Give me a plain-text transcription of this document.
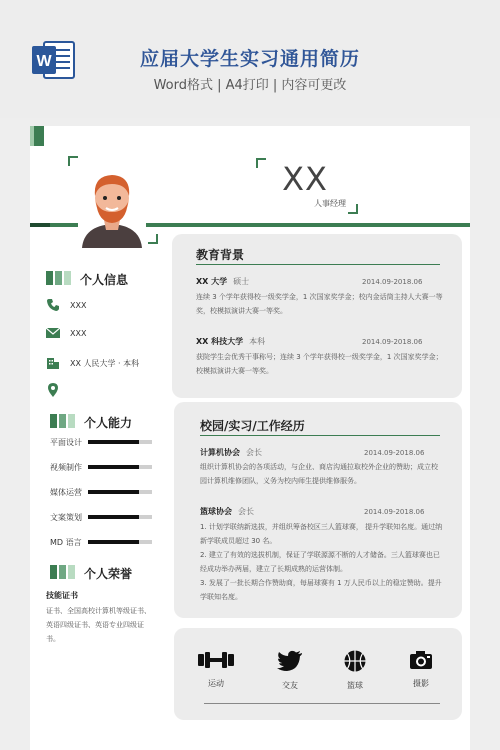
W	应届大学生实习通用简历
Word格式 | A4打印 | 内容可更改
XX
人事经理
个人信息
XXX
XXX
XX 人民大学 · 本科
个人能力
平面设计
视频制作
媒体运营
文案策划
MD 语言
个人荣誉
技能证书
证书、全国高校计算机等级证书、英语四级证书、英语专业四级证书。
教育背景
XX 大学 硕士	2014.09-2018.06
连续 3 个学年获得校一级奖学金，1 次国家奖学金；校内金话筒主持人大赛一等奖，校模拟演讲大赛一等奖。
XX 科技大学 本科	2014.09-2018.06
获院学生会优秀干事称号；连续 3 个学年获得校一级奖学金，1 次国家奖学金；校模拟演讲大赛一等奖。
校园/实习/工作经历
计算机协会 会长	2014.09-2018.06
组织计算机协会的各项活动，与企业、商店沟通拉取校外企业的赞助；成立校园计算机维修团队，义务为校内师生提供维修服务。
篮球协会 会长	2014.09-2018.06
1. 计划学联纳新选拔，并组织筹备校区三人篮球赛， 提升学联知名度。通过纳新学联成员超过 30 名。
2. 建立了有效的选拔机制，保证了学联源源不断的人才储备。三人篮球赛也已经成功举办两届，建立了长期成熟的运营体制。
3. 发展了一批长期合作赞助商，每届球赛有 1 万人民币以上的稳定赞助。提升学联知名度。
运动	交友	篮球	摄影
